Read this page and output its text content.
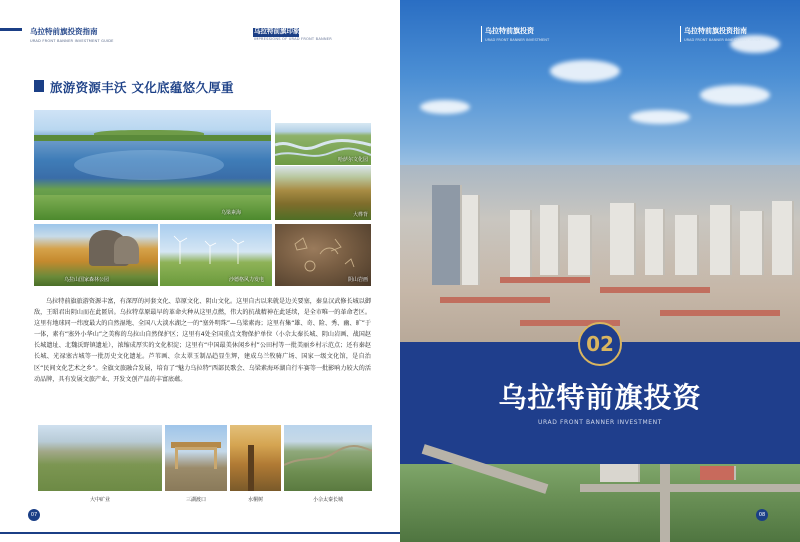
乌拉特前旗投资指南
URAD FRONT BANNER INVESTMENT GUIDE
旅游资源丰沃 文化底蕴悠久厚重
乌梁素海
哈萨尔文化园
大桦背
乌拉山国家森林公园	沙德格风力发电	阴山岩画
乌拉特前旗旅游资源丰富，有深厚的河套文化、草原文化、阴山文化。这里自古以来就是边关要塞，秦皇汉武修长城以御敌，王昭君出阴山而在此匿居。乌拉特草原最早的革命火种从这里点燃，伟大的抗战精神在此延续，是全市唯一的革命老区。这里有地球同一纬度最大的自然湿地、全国八大淡水湖之一的“塞外明珠”—乌梁素海；这里有集“雄、奇、险、秀、幽、旷”于一体，素有“塞外小华山”之美称的乌拉山自然保护区；这里有4处全国重点文物保护单位（小佘太秦长城、阴山岩画、战国赵长城遗址、北魏沃野镇遗址），浓缩成厚实的文化积淀；这里有“中国最美休闲乡村”公田村等一批美丽乡村示范点；还有秦赵长城、光禄塞古城等一批历史文化遗址。芦苇画、佘太翠玉制品趋显生辉，建成乌兰牧骑广场、国家一级文化馆，是自治区“民间文化艺术之乡”。全旗文旅融合发展，培育了“魅力乌拉特”西部民歌会、乌梁素海环湖自行车赛等一批影响力较大的活动品牌，具有发展文旅产业、开发文创产品的丰富底蕴。
大中矿业	三湖渡口	水桐树	小佘太秦长城
07
乌拉特前旗印象
IMPRESSIONS OF URAD FRONT BANNER
02
乌拉特前旗投资
URAD FRONT BANNER INVESTMENT
乌拉特前旗投资
URAD FRONT BANNER INVESTMENT
乌拉特前旗投资指南
URAD FRONT BANNER INVESTMENT GUIDE
08
